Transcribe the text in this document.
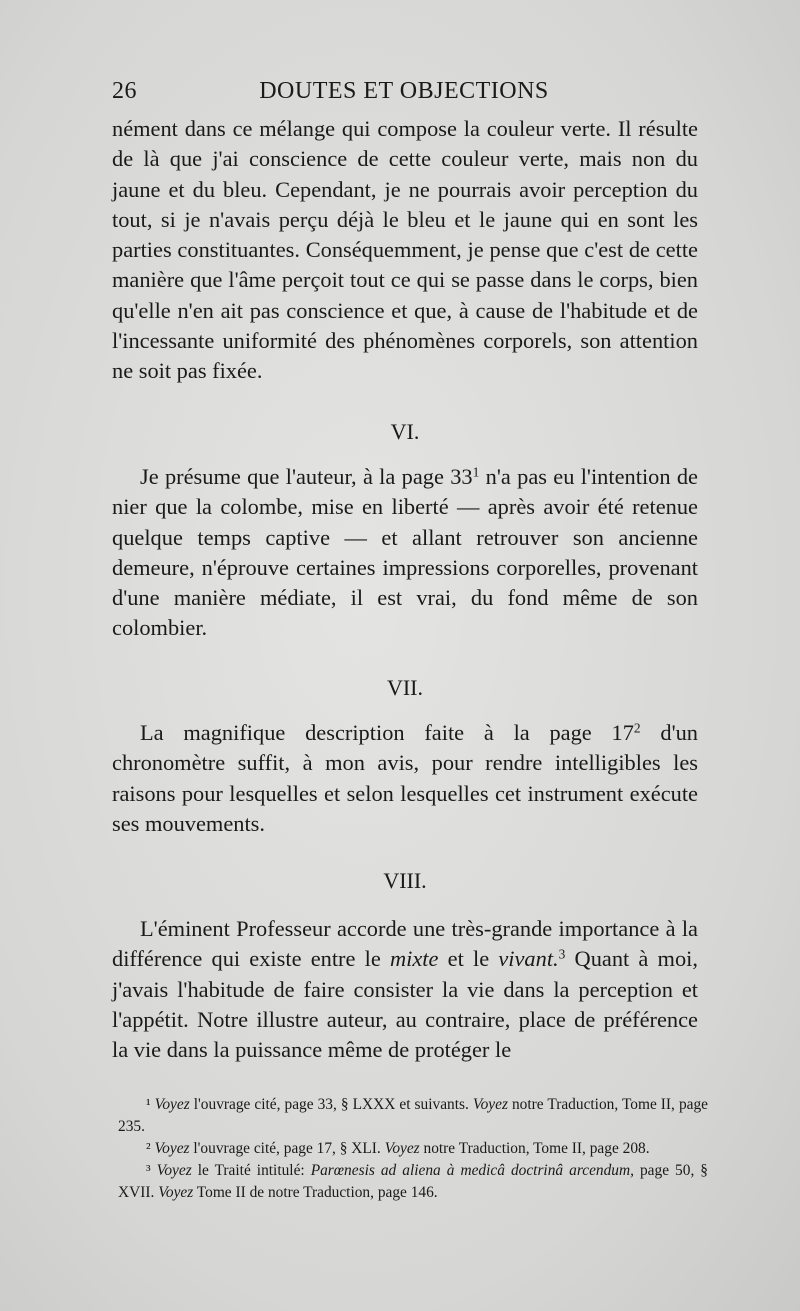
26	DOUTES ET OBJECTIONS

nément dans ce mélange qui compose la couleur verte. Il résulte de là que j'ai conscience de cette couleur verte, mais non du jaune et du bleu. Cependant, je ne pourrais avoir perception du tout, si je n'avais perçu déjà le bleu et le jaune qui en sont les parties constituantes. Conséquemment, je pense que c'est de cette manière que l'âme perçoit tout ce qui se passe dans le corps, bien qu'elle n'en ait pas conscience et que, à cause de l'habitude et de l'incessante uniformité des phénomènes corporels, son attention ne soit pas fixée.

VI.

Je présume que l'auteur, à la page $33^1$ n'a pas eu l'intention de nier que la colombe, mise en liberté — après avoir été retenue quelque temps captive — et allant retrouver son ancienne demeure, n'éprouve certaines impressions corporelles, provenant d'une manière médiate, il est vrai, du fond même de son colombier.

VII.

La magnifique description faite à la page $17^2$ d'un chronomètre suffit, à mon avis, pour rendre intelligibles les raisons pour lesquelles et selon lesquelles cet instrument exécute ses mouvements.

VIII.

L'éminent Professeur accorde une très-grande importance à la différence qui existe entre le mixte et le vivant.$^3$ Quant à moi, j'avais l'habitude de faire consister la vie dans la perception et l'appétit. Notre illustre auteur, au contraire, place de préférence la vie dans la puissance même de protéger le

¹ Voyez l'ouvrage cité, page 33, § LXXX et suivants. Voyez notre Traduction, Tome II, page 235.

² Voyez l'ouvrage cité, page 17, § XLI. Voyez notre Traduction, Tome II, page 208.

³ Voyez le Traité intitulé: Parœnesis ad aliena à medicâ doctrinâ arcendum, page 50, § XVII. Voyez Tome II de notre Traduction, page 146.
